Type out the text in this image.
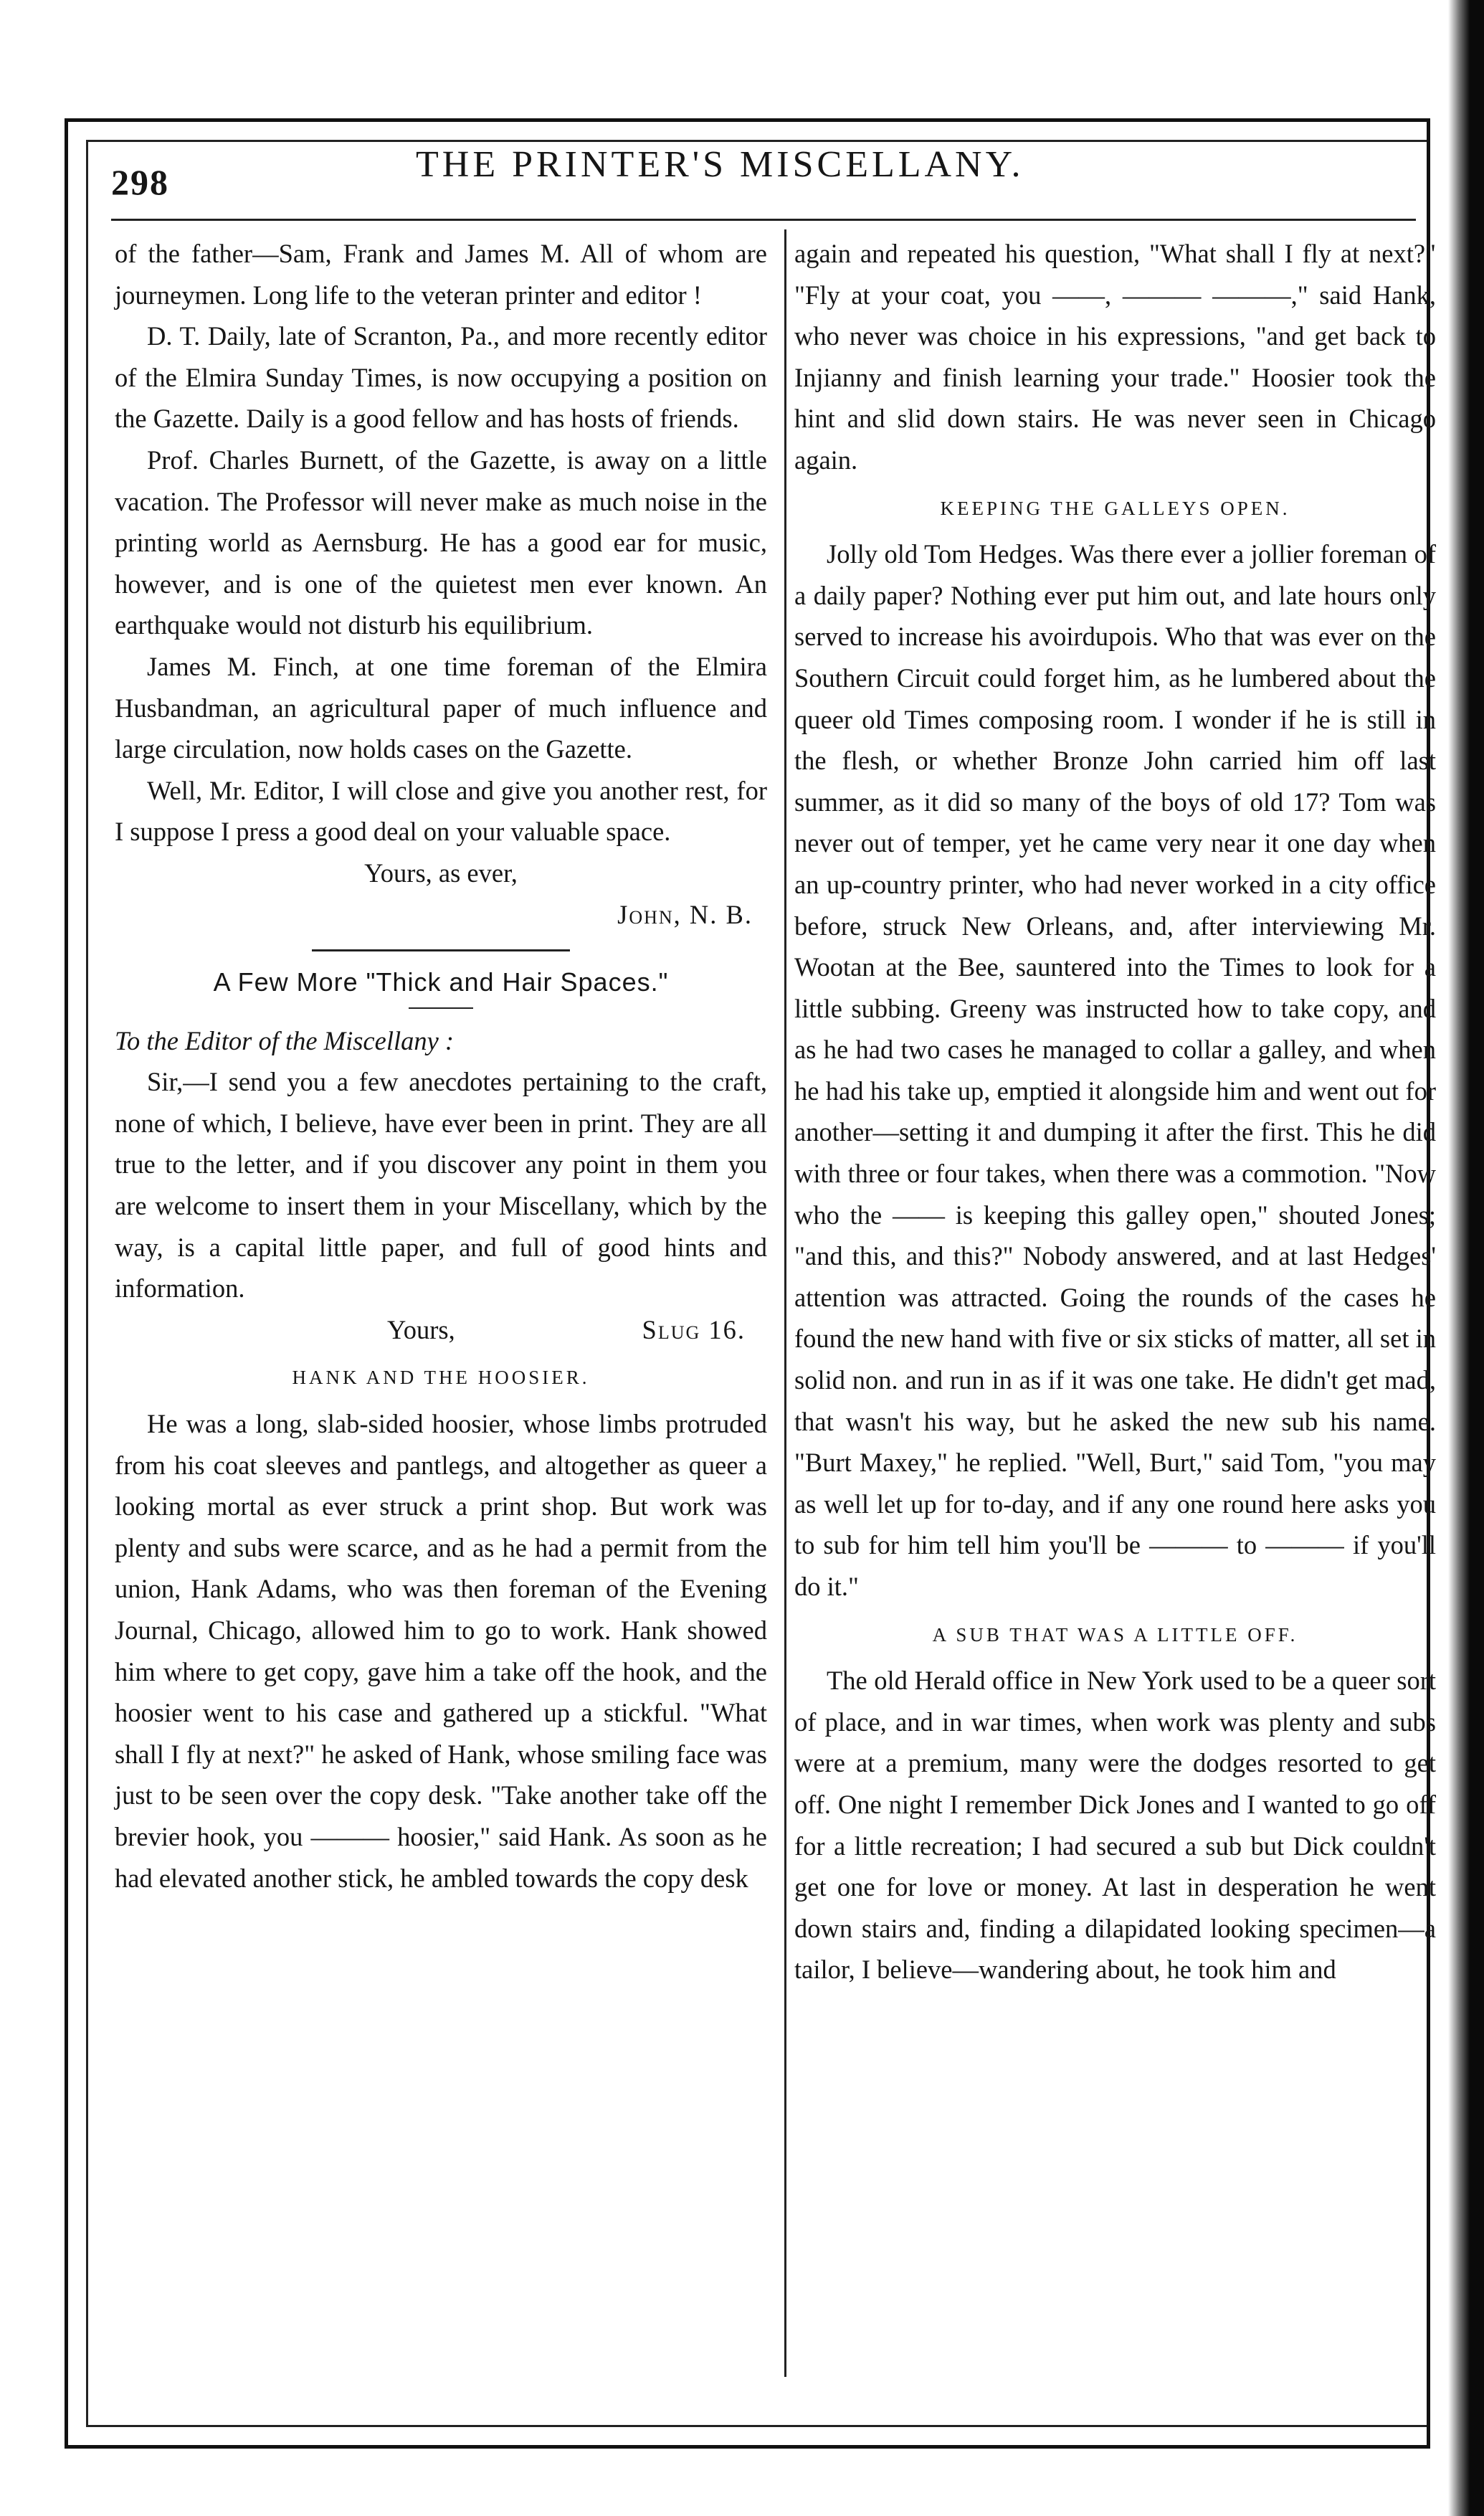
298	THE PRINTER'S MISCELLANY.

of the father—Sam, Frank and James M. All of whom are journeymen. Long life to the veteran printer and editor !

D. T. Daily, late of Scranton, Pa., and more recently editor of the Elmira Sunday Times, is now occupying a position on the Gazette. Daily is a good fellow and has hosts of friends.

Prof. Charles Burnett, of the Gazette, is away on a little vacation. The Professor will never make as much noise in the printing world as Aernsburg. He has a good ear for music, however, and is one of the quietest men ever known. An earthquake would not disturb his equilibrium.

James M. Finch, at one time foreman of the Elmira Husbandman, an agricultural paper of much influence and large circulation, now holds cases on the Gazette.

Well, Mr. Editor, I will close and give you another rest, for I suppose I press a good deal on your valuable space.

Yours, as ever,

John, N. B.

A Few More "Thick and Hair Spaces."

To the Editor of the Miscellany :

Sir,—I send you a few anecdotes pertaining to the craft, none of which, I believe, have ever been in print. They are all true to the letter, and if you discover any point in them you are welcome to insert them in your Miscellany, which by the way, is a capital little paper, and full of good hints and information.

Yours,	Slug 16.

HANK AND THE HOOSIER.

He was a long, slab-sided hoosier, whose limbs protruded from his coat sleeves and pantlegs, and altogether as queer a looking mortal as ever struck a print shop. But work was plenty and subs were scarce, and as he had a permit from the union, Hank Adams, who was then foreman of the Evening Journal, Chicago, allowed him to go to work. Hank showed him where to get copy, gave him a take off the hook, and the hoosier went to his case and gathered up a stickful. "What shall I fly at next?" he asked of Hank, whose smiling face was just to be seen over the copy desk. "Take another take off the brevier hook, you ——— hoosier," said Hank. As soon as he had elevated another stick, he ambled towards the copy desk

again and repeated his question, "What shall I fly at next?" "Fly at your coat, you ——, ——— ———," said Hank, who never was choice in his expressions, "and get back to Injianny and finish learning your trade." Hoosier took the hint and slid down stairs. He was never seen in Chicago again.

KEEPING THE GALLEYS OPEN.

Jolly old Tom Hedges. Was there ever a jollier foreman of a daily paper? Nothing ever put him out, and late hours only served to increase his avoirdupois. Who that was ever on the Southern Circuit could forget him, as he lumbered about the queer old Times composing room. I wonder if he is still in the flesh, or whether Bronze John carried him off last summer, as it did so many of the boys of old 17? Tom was never out of temper, yet he came very near it one day when an up-country printer, who had never worked in a city office before, struck New Orleans, and, after interviewing Mr. Wootan at the Bee, sauntered into the Times to look for a little subbing. Greeny was instructed how to take copy, and as he had two cases he managed to collar a galley, and when he had his take up, emptied it alongside him and went out for another—setting it and dumping it after the first. This he did with three or four takes, when there was a commotion. "Now who the —— is keeping this galley open," shouted Jones; "and this, and this?" Nobody answered, and at last Hedges' attention was attracted. Going the rounds of the cases he found the new hand with five or six sticks of matter, all set in solid non. and run in as if it was one take. He didn't get mad, that wasn't his way, but he asked the new sub his name. "Burt Maxey," he replied. "Well, Burt," said Tom, "you may as well let up for to-day, and if any one round here asks you to sub for him tell him you'll be ——— to ——— if you'll do it."

A SUB THAT WAS A LITTLE OFF.

The old Herald office in New York used to be a queer sort of place, and in war times, when work was plenty and subs were at a premium, many were the dodges resorted to get off. One night I remember Dick Jones and I wanted to go off for a little recreation; I had secured a sub but Dick couldn't get one for love or money. At last in desperation he went down stairs and, finding a dilapidated looking specimen—a tailor, I believe—wandering about, he took him and
